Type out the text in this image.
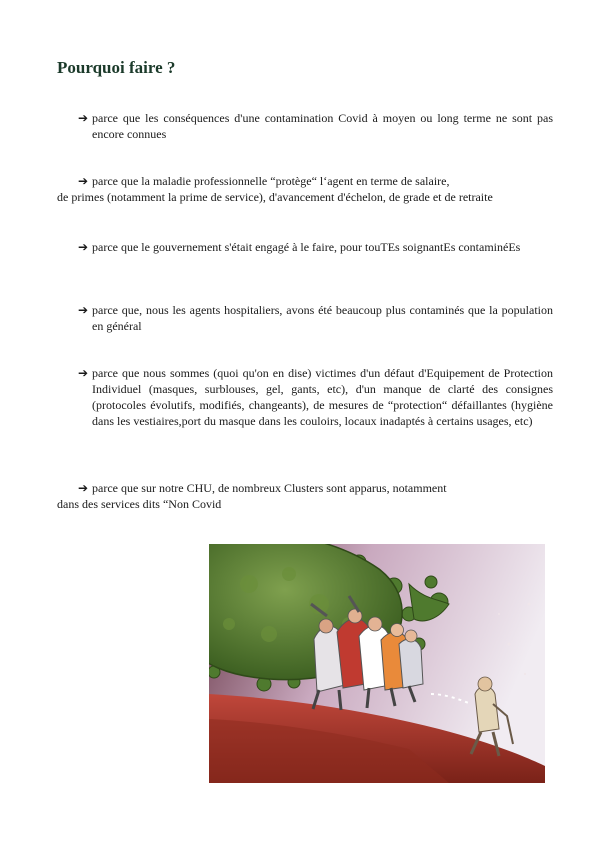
Pourquoi faire ?
➔ parce que les conséquences d'une contamination Covid à moyen ou long terme ne sont pas encore connues
➔ parce que la maladie professionnelle “protège“ l‘agent en terme de salaire,
de primes (notamment la prime de service), d'avancement d'échelon, de grade et de retraite
➔ parce que le gouvernement s'était engagé à le faire, pour touTEs soignantEs contaminéEs
➔ parce que, nous les agents hospitaliers, avons été beaucoup plus contaminés que la population en général
➔ parce que nous sommes (quoi qu'on en dise) victimes d'un défaut d'Equipement de Protection Individuel (masques, surblouses, gel, gants, etc), d'un manque de clarté des consignes (protocoles évolutifs, modifiés, changeants), de mesures de “protection“ défaillantes (hygiène dans les vestiaires,port du masque dans les couloirs, locaux inadaptés à certains usages, etc)
➔ parce que sur notre CHU, de nombreux Clusters sont apparus, notamment
dans des services dits “Non Covid
